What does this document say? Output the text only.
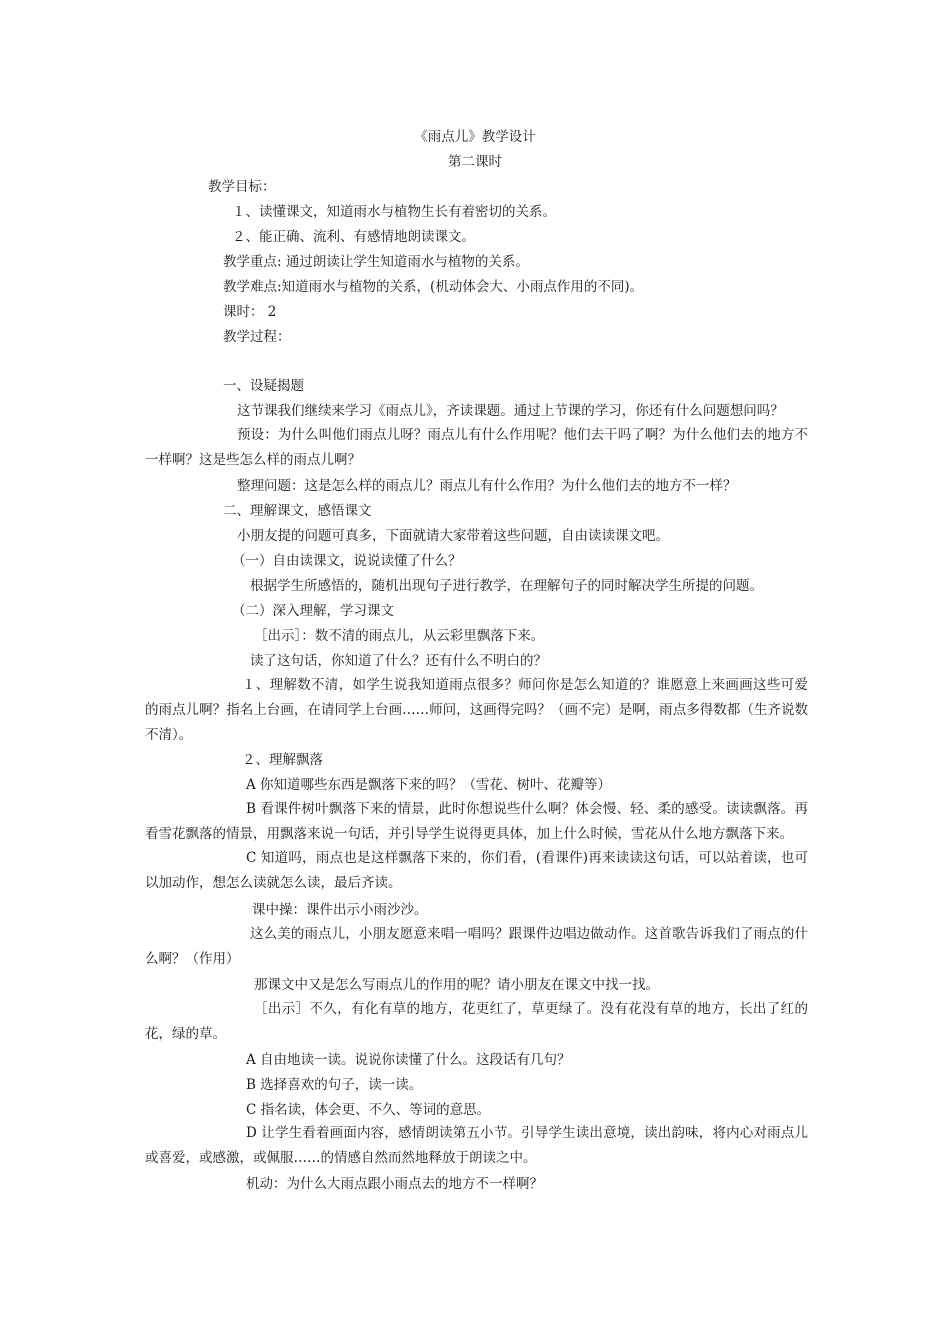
《雨点儿》教学设计
第二课时
教学目标：
１、读懂课文，知道雨水与植物生长有着密切的关系。
２、能正确、流利、有感情地朗读课文。
教学重点: 通过朗读让学生知道雨水与植物的关系。
教学难点:知道雨水与植物的关系，(机动体会大、小雨点作用的不同)。
课时： 2
教学过程：
一、设疑揭题
这节课我们继续来学习《雨点儿》，齐读课题。通过上节课的学习，你还有什么问题想问吗？
预设：为什么叫他们雨点儿呀？雨点儿有什么作用呢？他们去干吗了啊？为什么他们去的地方不一样啊？这是些怎么样的雨点儿啊？
整理问题：这是怎么样的雨点儿？雨点儿有什么作用？为什么他们去的地方不一样？
二、理解课文，感悟课文
小朋友提的问题可真多，下面就请大家带着这些问题，自由读读课文吧。
（一）自由读课文，说说读懂了什么？
根据学生所感悟的，随机出现句子进行教学，在理解句子的同时解决学生所提的问题。
（二）深入理解，学习课文
［出示］：数不清的雨点儿，从云彩里飘落下来。
读了这句话，你知道了什么？还有什么不明白的？
１、理解数不清，如学生说我知道雨点很多？师问你是怎么知道的？谁愿意上来画画这些可爱的雨点儿啊？指名上台画，在请同学上台画……师问，这画得完吗？（画不完）是啊，雨点多得数都（生齐说数不清）。
２、理解飘落
A 你知道哪些东西是飘落下来的吗？（雪花、树叶、花瓣等）
B 看课件树叶飘落下来的情景，此时你想说些什么啊？体会慢、轻、柔的感受。读读飘落。再看雪花飘落的情景，用飘落来说一句话，并引导学生说得更具体，加上什么时候，雪花从什么地方飘落下来。
C 知道吗，雨点也是这样飘落下来的，你们看，(看课件)再来读读这句话，可以站着读，也可以加动作，想怎么读就怎么读，最后齐读。
课中操：课件出示小雨沙沙。
这么美的雨点儿，小朋友愿意来唱一唱吗？跟课件边唱边做动作。这首歌告诉我们了雨点的什么啊？（作用）
那课文中又是怎么写雨点儿的作用的呢？请小朋友在课文中找一找。
［出示］不久，有化有草的地方，花更红了，草更绿了。没有花没有草的地方，长出了红的花，绿的草。
A 自由地读一读。说说你读懂了什么。这段话有几句？
B 选择喜欢的句子，读一读。
C 指名读，体会更、不久、等词的意思。
D 让学生看着画面内容，感情朗读第五小节。引导学生读出意境，读出韵味，将内心对雨点儿或喜爱，或感激，或佩服……的情感自然而然地释放于朗读之中。
机动：为什么大雨点跟小雨点去的地方不一样啊？
